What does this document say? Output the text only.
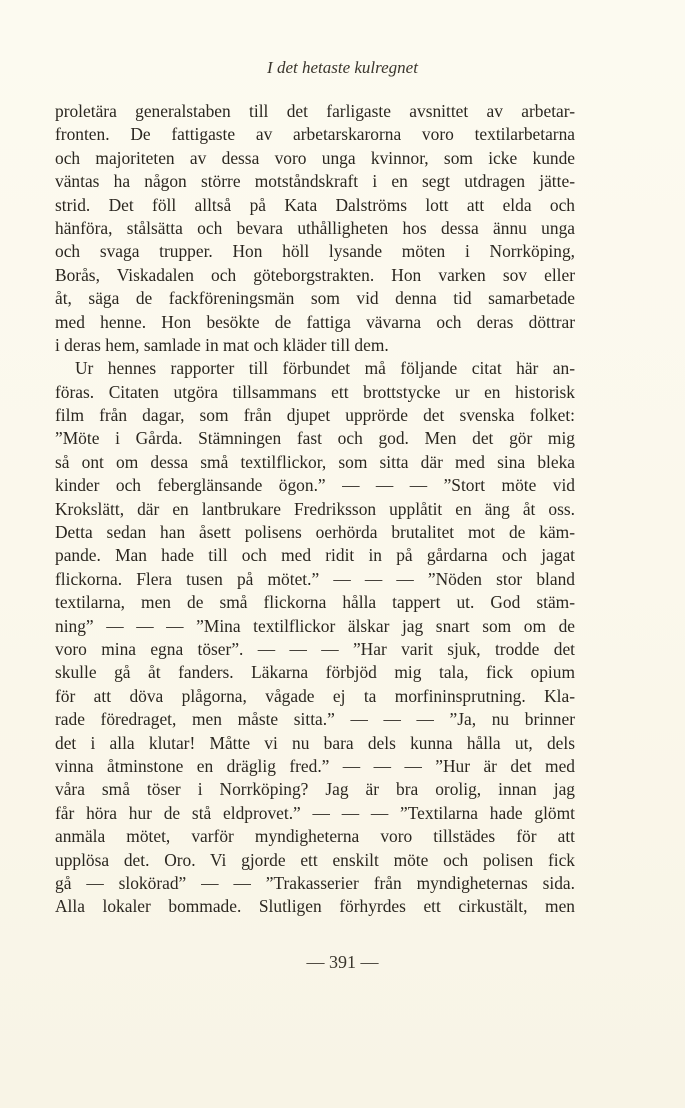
I det hetaste kulregnet
proletära generalstaben till det farligaste avsnittet av arbetar-
fronten. De fattigaste av arbetarskarorna voro textilarbetarna
och majoriteten av dessa voro unga kvinnor, som icke kunde
väntas ha någon större motståndskraft i en segt utdragen jätte-
strid. Det föll alltså på Kata Dalströms lott att elda och
hänföra, stålsätta och bevara uthålligheten hos dessa ännu unga
och svaga trupper. Hon höll lysande möten i Norrköping,
Borås, Viskadalen och göteborgstrakten. Hon varken sov eller
åt, säga de fackföreningsmän som vid denna tid samarbetade
med henne. Hon besökte de fattiga vävarna och deras döttrar
i deras hem, samlade in mat och kläder till dem.
Ur hennes rapporter till förbundet må följande citat här an-
föras. Citaten utgöra tillsammans ett brottstycke ur en historisk
film från dagar, som från djupet upprörde det svenska folket:
”Möte i Gårda. Stämningen fast och god. Men det gör mig
så ont om dessa små textilflickor, som sitta där med sina bleka
kinder och feberglänsande ögon.” — — — ”Stort möte vid
Krokslätt, där en lantbrukare Fredriksson upplåtit en äng åt oss.
Detta sedan han åsett polisens oerhörda brutalitet mot de käm-
pande. Man hade till och med ridit in på gårdarna och jagat
flickorna. Flera tusen på mötet.” — — — ”Nöden stor bland
textilarna, men de små flickorna hålla tappert ut. God stäm-
ning” — — — ”Mina textilflickor älskar jag snart som om de
voro mina egna töser”. — — — ”Har varit sjuk, trodde det
skulle gå åt fanders. Läkarna förbjöd mig tala, fick opium
för att döva plågorna, vågade ej ta morfininsprutning. Kla-
rade föredraget, men måste sitta.” — — — ”Ja, nu brinner
det i alla klutar! Måtte vi nu bara dels kunna hålla ut, dels
vinna åtminstone en dräglig fred.” — — — ”Hur är det med
våra små töser i Norrköping? Jag är bra orolig, innan jag
får höra hur de stå eldprovet.” — — — ”Textilarna hade glömt
anmäla mötet, varför myndigheterna voro tillstädes för att
upplösa det. Oro. Vi gjorde ett enskilt möte och polisen fick
gå — sloköradˮ — — ”Trakasserier från myndigheternas sida.
Alla lokaler bommade. Slutligen förhyrdes ett cirkustält, men
— 391 —
